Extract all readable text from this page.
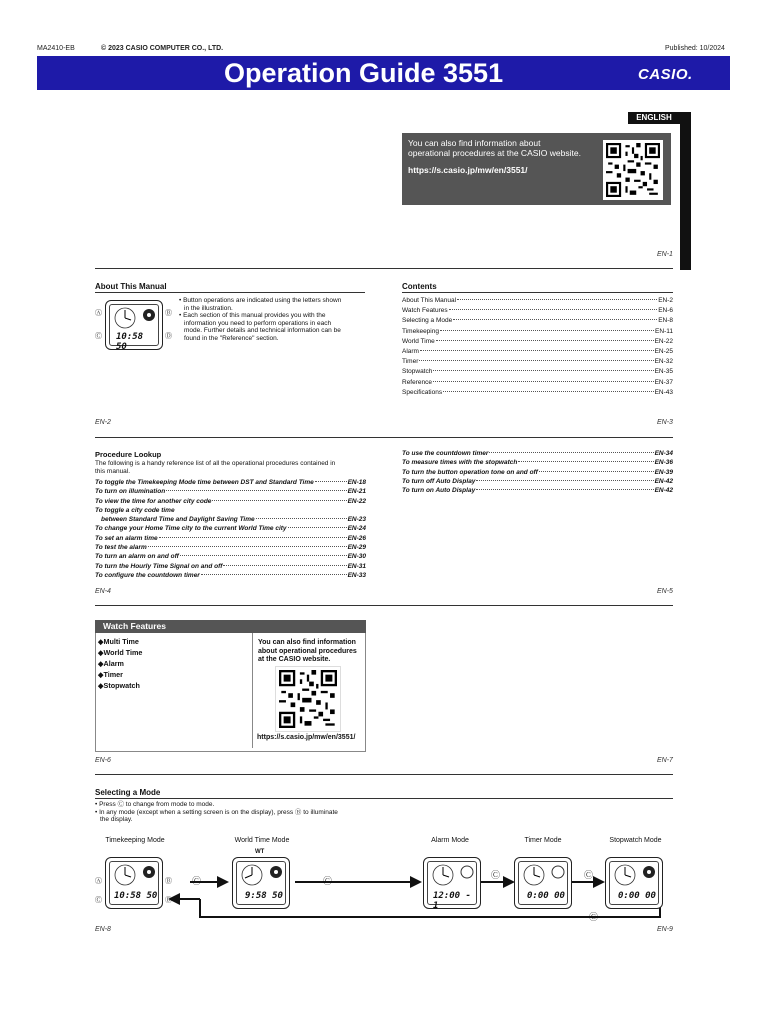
MA2410-EB	© 2023 CASIO COMPUTER CO., LTD.	Published: 10/2024
Operation Guide 3551	CASIO.
ENGLISH
You can also find information about
operational procedures at the CASIO website.
https://s.casio.jp/mw/en/3551/
EN-1
About This Manual
Ⓐ
Ⓒ
Ⓑ
Ⓓ
10:58 50
• Button operations are indicated using the letters shown
in the illustration.
• Each section of this manual provides you with the
information you need to perform operations in each
mode. Further details and technical information can be
found in the "Reference" section.
EN-2
Contents
About This Manual	EN-2
Watch Features	EN-6
Selecting a Mode	EN-8
Timekeeping	EN-11
World Time	EN-22
Alarm	EN-25
Timer	EN-32
Stopwatch	EN-35
Reference	EN-37
Specifications	EN-43
EN-3
Procedure Lookup
The following is a handy reference list of all the operational procedures contained in
this manual.
To toggle the Timekeeping Mode time between DST and Standard Time	EN-18
To turn on illumination	EN-21
To view the time for another city code	EN-22
To toggle a city code time
between Standard Time and Daylight Saving Time	EN-23
To change your Home Time city to the current World Time city	EN-24
To set an alarm time	EN-26
To test the alarm	EN-29
To turn an alarm on and off	EN-30
To turn the Hourly Time Signal on and off	EN-31
To configure the countdown timer	EN-33
To use the countdown timer	EN-34
To measure times with the stopwatch	EN-36
To turn the button operation tone on and off	EN-39
To turn off Auto Display	EN-42
To turn on Auto Display	EN-42
EN-4	EN-5
Watch Features
◆Multi Time
◆World Time
◆Alarm
◆Timer
◆Stopwatch
You can also find information
about operational procedures
at the CASIO website.
https://s.casio.jp/mw/en/3551/
EN-6	EN-7
Selecting a Mode
• Press Ⓒ to change from mode to mode.
• In any mode (except when a setting screen is on the display), press Ⓑ to illuminate
the display.
Timekeeping Mode	World Time Mode	Alarm Mode	Timer Mode	Stopwatch Mode
WT
Ⓒ	Ⓒ
Ⓒ	Ⓒ
Ⓒ
Ⓐ
Ⓒ
Ⓑ
Ⓓ
10:58 50	9:58 50	12:00 - 1
0:00 00	0:00 00
EN-8	EN-9
